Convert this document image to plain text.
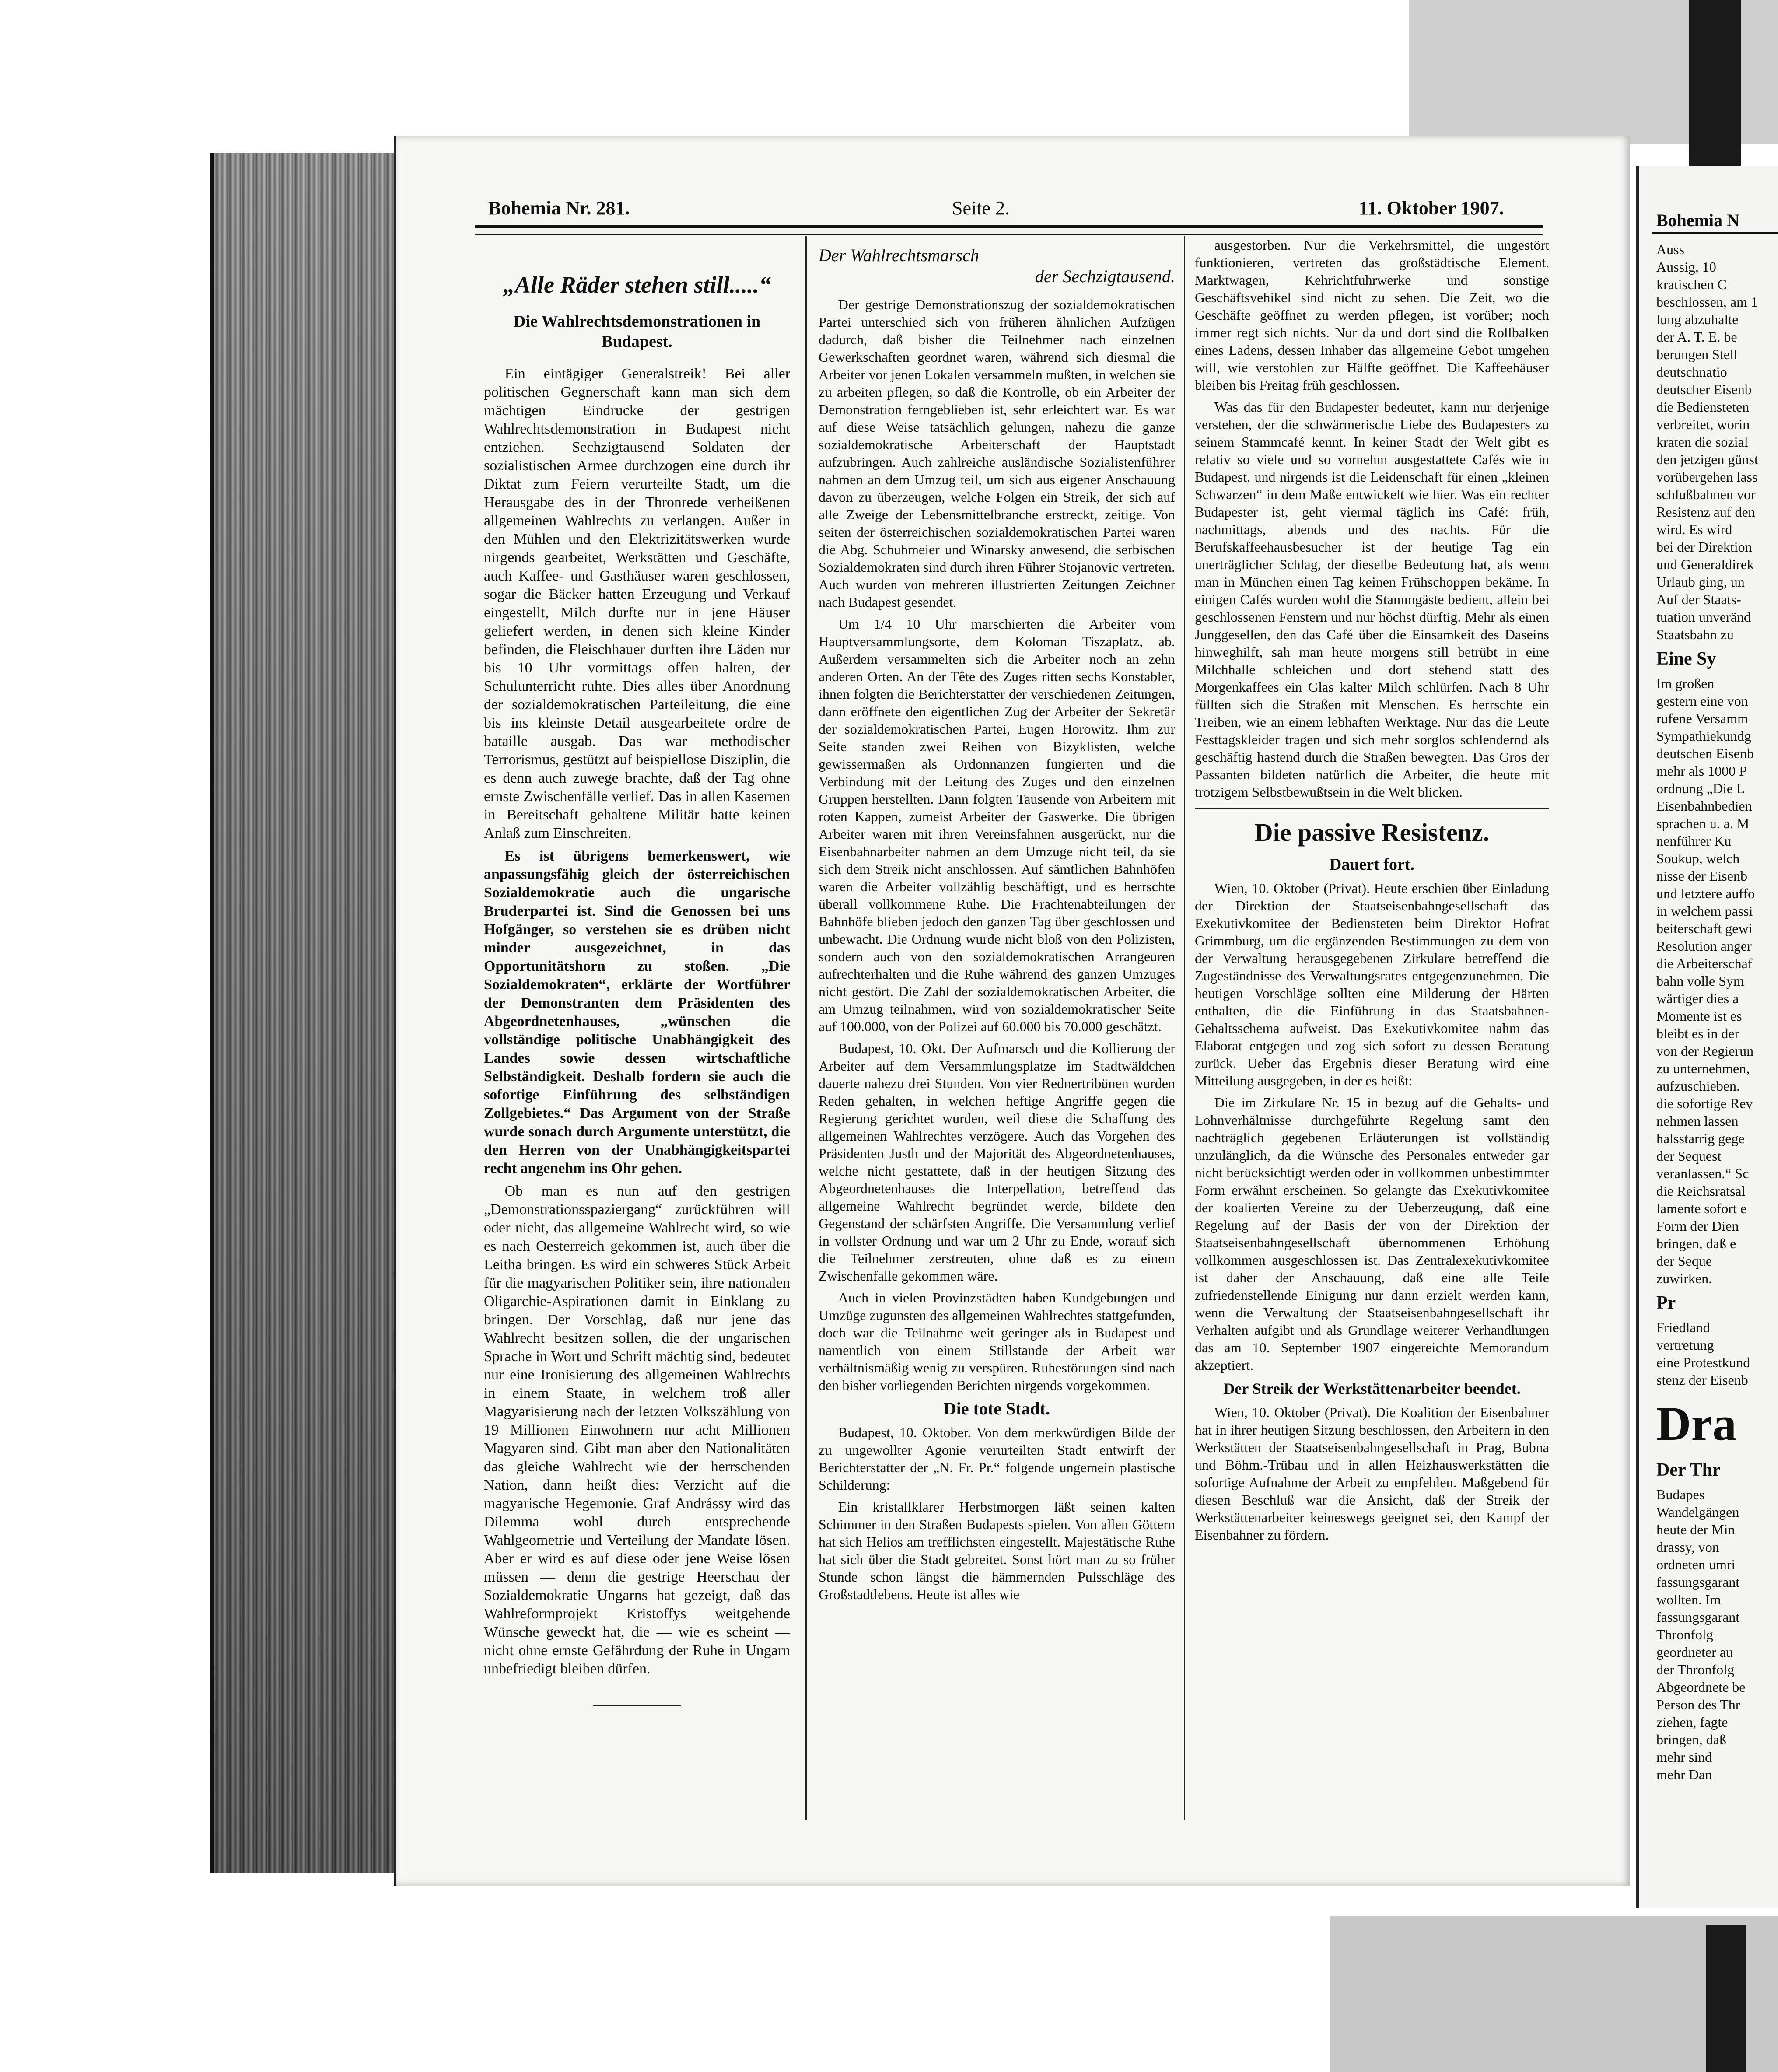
Bohemia Nr. 281.	Seite 2.	11. Oktober 1907.
„Alle Räder stehen still.....“
Die Wahlrechtsdemonstrationen in Budapest.

Ein eintägiger Generalstreik! Bei aller politischen Gegnerschaft kann man sich dem mächtigen Eindrucke der gestrigen Wahlrechtsdemonstration in Budapest nicht entziehen. Sechzigtausend Soldaten der sozialistischen Armee durchzogen eine durch ihr Diktat zum Feiern verurteilte Stadt, um die Herausgabe des in der Thronrede verheißenen allgemeinen Wahlrechts zu verlangen. Außer in den Mühlen und den Elektrizitätswerken wurde nirgends gearbeitet, Werkstätten und Geschäfte, auch Kaffee- und Gasthäuser waren geschlossen, sogar die Bäcker hatten Erzeugung und Verkauf eingestellt, Milch durfte nur in jene Häuser geliefert werden, in denen sich kleine Kinder befinden, die Fleischhauer durften ihre Läden nur bis 10 Uhr vormittags offen halten, der Schulunterricht ruhte. Dies alles über Anordnung der sozialdemokratischen Parteileitung, die eine bis ins kleinste Detail ausgearbeitete ordre de bataille ausgab. Das war methodischer Terrorismus, gestützt auf beispiellose Disziplin, die es denn auch zuwege brachte, daß der Tag ohne ernste Zwischenfälle verlief. Das in allen Kasernen in Bereitschaft gehaltene Militär hatte keinen Anlaß zum Einschreiten.

Es ist übrigens bemerkenswert, wie anpassungsfähig gleich der österreichischen Sozialdemokratie auch die ungarische Bruderpartei ist. Sind die Genossen bei uns Hofgänger, so verstehen sie es drüben nicht minder ausgezeichnet, in das Opportunitätshorn zu stoßen. „Die Sozialdemokraten“, erklärte der Wortführer der Demonstranten dem Präsidenten des Abgeordnetenhauses, „wünschen die vollständige politische Unabhängigkeit des Landes sowie dessen wirtschaftliche Selbständigkeit. Deshalb fordern sie auch die sofortige Einführung des selbständigen Zollgebietes.“ Das Argument von der Straße wurde sonach durch Argumente unterstützt, die den Herren von der Unabhängigkeitspartei recht angenehm ins Ohr gehen.

Ob man es nun auf den gestrigen „Demonstrationsspaziergang“ zurückführen will oder nicht, das allgemeine Wahlrecht wird, so wie es nach Oesterreich gekommen ist, auch über die Leitha bringen. Es wird ein schweres Stück Arbeit für die magyarischen Politiker sein, ihre nationalen Oligarchie-Aspirationen damit in Einklang zu bringen. Der Vorschlag, daß nur jene das Wahlrecht besitzen sollen, die der ungarischen Sprache in Wort und Schrift mächtig sind, bedeutet nur eine Ironisierung des allgemeinen Wahlrechts in einem Staate, in welchem troß aller Magyarisierung nach der letzten Volkszählung von 19 Millionen Einwohnern nur acht Millionen Magyaren sind. Gibt man aber den Nationalitäten das gleiche Wahlrecht wie der herrschenden Nation, dann heißt dies: Verzicht auf die magyarische Hegemonie. Graf Andrássy wird das Dilemma wohl durch entsprechende Wahlgeometrie und Verteilung der Mandate lösen. Aber er wird es auf diese oder jene Weise lösen müssen — denn die gestrige Heerschau der Sozialdemokratie Ungarns hat gezeigt, daß das Wahlreformprojekt Kristoffys weitgehende Wünsche geweckt hat, die — wie es scheint — nicht ohne ernste Gefährdung der Ruhe in Ungarn unbefriedigt bleiben dürfen.

Der Wahlrechtsmarsch
der Sechzigtausend.

Der gestrige Demonstrationszug der sozialdemokratischen Partei unterschied sich von früheren ähnlichen Aufzügen dadurch, daß bisher die Teilnehmer nach einzelnen Gewerkschaften geordnet waren, während sich diesmal die Arbeiter vor jenen Lokalen versammeln mußten, in welchen sie zu arbeiten pflegen, so daß die Kontrolle, ob ein Arbeiter der Demonstration ferngeblieben ist, sehr erleichtert war. Es war auf diese Weise tatsächlich gelungen, nahezu die ganze sozialdemokratische Arbeiterschaft der Hauptstadt aufzubringen. Auch zahlreiche ausländische Sozialistenführer nahmen an dem Umzug teil, um sich aus eigener Anschauung davon zu überzeugen, welche Folgen ein Streik, der sich auf alle Zweige der Lebensmittelbranche erstreckt, zeitige. Von seiten der österreichischen sozialdemokratischen Partei waren die Abg. Schuhmeier und Winarsky anwesend, die serbischen Sozialdemokraten sind durch ihren Führer Stojanovic vertreten. Auch wurden von mehreren illustrierten Zeitungen Zeichner nach Budapest gesendet.

Um 1/4 10 Uhr marschierten die Arbeiter vom Hauptversammlungsorte, dem Koloman Tiszaplatz, ab. Außerdem versammelten sich die Arbeiter noch an zehn anderen Orten. An der Tête des Zuges ritten sechs Konstabler, ihnen folgten die Berichterstatter der verschiedenen Zeitungen, dann eröffnete den eigentlichen Zug der Arbeiter der Sekretär der sozialdemokratischen Partei, Eugen Horowitz. Ihm zur Seite standen zwei Reihen von Bizyklisten, welche gewissermaßen als Ordonnanzen fungierten und die Verbindung mit der Leitung des Zuges und den einzelnen Gruppen herstellten. Dann folgten Tausende von Arbeitern mit roten Kappen, zumeist Arbeiter der Gaswerke. Die übrigen Arbeiter waren mit ihren Vereinsfahnen ausgerückt, nur die Eisenbahnarbeiter nahmen an dem Umzuge nicht teil, da sie sich dem Streik nicht anschlossen. Auf sämtlichen Bahnhöfen waren die Arbeiter vollzählig beschäftigt, und es herrschte überall vollkommene Ruhe. Die Frachtenabteilungen der Bahnhöfe blieben jedoch den ganzen Tag über geschlossen und unbewacht. Die Ordnung wurde nicht bloß von den Polizisten, sondern auch von den sozialdemokratischen Arrangeuren aufrechterhalten und die Ruhe während des ganzen Umzuges nicht gestört. Die Zahl der sozialdemokratischen Arbeiter, die am Umzug teilnahmen, wird von sozialdemokratischer Seite auf 100.000, von der Polizei auf 60.000 bis 70.000 geschätzt.

Budapest, 10. Okt. Der Aufmarsch und die Kollierung der Arbeiter auf dem Versammlungsplatze im Stadtwäldchen dauerte nahezu drei Stunden. Von vier Rednertribünen wurden Reden gehalten, in welchen heftige Angriffe gegen die Regierung gerichtet wurden, weil diese die Schaffung des allgemeinen Wahlrechtes verzögere. Auch das Vorgehen des Präsidenten Justh und der Majorität des Abgeordnetenhauses, welche nicht gestattete, daß in der heutigen Sitzung des Abgeordnetenhauses die Interpellation, betreffend das allgemeine Wahlrecht begründet werde, bildete den Gegenstand der schärfsten Angriffe. Die Versammlung verlief in vollster Ordnung und war um 2 Uhr zu Ende, worauf sich die Teilnehmer zerstreuten, ohne daß es zu einem Zwischenfalle gekommen wäre.

Auch in vielen Provinzstädten haben Kundgebungen und Umzüge zugunsten des allgemeinen Wahlrechtes stattgefunden, doch war die Teilnahme weit geringer als in Budapest und namentlich von einem Stillstande der Arbeit war verhältnismäßig wenig zu verspüren. Ruhestörungen sind nach den bisher vorliegenden Berichten nirgends vorgekommen.

Die tote Stadt.

Budapest, 10. Oktober. Von dem merkwürdigen Bilde der zu ungewollter Agonie verurteilten Stadt entwirft der Berichterstatter der „N. Fr. Pr.“ folgende ungemein plastische Schilderung:

Ein kristallklarer Herbstmorgen läßt seinen kalten Schimmer in den Straßen Budapests spielen. Von allen Göttern hat sich Helios am trefflichsten eingestellt. Majestätische Ruhe hat sich über die Stadt gebreitet. Sonst hört man zu so früher Stunde schon längst die hämmernden Pulsschläge des Großstadtlebens. Heute ist alles wie

ausgestorben. Nur die Verkehrsmittel, die ungestört funktionieren, vertreten das großstädtische Element. Marktwagen, Kehrichtfuhrwerke und sonstige Geschäftsvehikel sind nicht zu sehen. Die Zeit, wo die Geschäfte geöffnet zu werden pflegen, ist vorüber; noch immer regt sich nichts. Nur da und dort sind die Rollbalken eines Ladens, dessen Inhaber das allgemeine Gebot umgehen will, wie verstohlen zur Hälfte geöffnet. Die Kaffeehäuser bleiben bis Freitag früh geschlossen.

Was das für den Budapester bedeutet, kann nur derjenige verstehen, der die schwärmerische Liebe des Budapesters zu seinem Stammcafé kennt. In keiner Stadt der Welt gibt es relativ so viele und so vornehm ausgestattete Cafés wie in Budapest, und nirgends ist die Leidenschaft für einen „kleinen Schwarzen“ in dem Maße entwickelt wie hier. Was ein rechter Budapester ist, geht viermal täglich ins Café: früh, nachmittags, abends und des nachts. Für die Berufskaffeehausbesucher ist der heutige Tag ein unerträglicher Schlag, der dieselbe Bedeutung hat, als wenn man in München einen Tag keinen Frühschoppen bekäme. In einigen Cafés wurden wohl die Stammgäste bedient, allein bei geschlossenen Fenstern und nur höchst dürftig. Mehr als einen Junggesellen, den das Café über die Einsamkeit des Daseins hinweghilft, sah man heute morgens still betrübt in eine Milchhalle schleichen und dort stehend statt des Morgenkaffees ein Glas kalter Milch schlürfen. Nach 8 Uhr füllten sich die Straßen mit Menschen. Es herrschte ein Treiben, wie an einem lebhaften Werktage. Nur das die Leute Festtagskleider tragen und sich mehr sorglos schlendernd als geschäftig hastend durch die Straßen bewegten. Das Gros der Passanten bildeten natürlich die Arbeiter, die heute mit trotzigem Selbstbewußtsein in die Welt blicken.

Die passive Resistenz.
Dauert fort.

Wien, 10. Oktober (Privat). Heute erschien über Einladung der Direktion der Staatseisenbahngesellschaft das Exekutivkomitee der Bediensteten beim Direktor Hofrat Grimmburg, um die ergänzenden Bestimmungen zu dem von der Verwaltung herausgegebenen Zirkulare betreffend die Zugeständnisse des Verwaltungsrates entgegenzunehmen. Die heutigen Vorschläge sollten eine Milderung der Härten enthalten, die die Einführung in das Staatsbahnen-Gehaltsschema aufweist. Das Exekutivkomitee nahm das Elaborat entgegen und zog sich sofort zu dessen Beratung zurück. Ueber das Ergebnis dieser Beratung wird eine Mitteilung ausgegeben, in der es heißt:

Die im Zirkulare Nr. 15 in bezug auf die Gehalts- und Lohnverhältnisse durchgeführte Regelung samt den nachträglich gegebenen Erläuterungen ist vollständig unzulänglich, da die Wünsche des Personales entweder gar nicht berücksichtigt werden oder in vollkommen unbestimmter Form erwähnt erscheinen. So gelangte das Exekutivkomitee der koalierten Vereine zu der Ueberzeugung, daß eine Regelung auf der Basis der von der Direktion der Staatseisenbahngesellschaft übernommenen Erhöhung vollkommen ausgeschlossen ist. Das Zentralexekutivkomitee ist daher der Anschauung, daß eine alle Teile zufriedenstellende Einigung nur dann erzielt werden kann, wenn die Verwaltung der Staatseisenbahngesellschaft ihr Verhalten aufgibt und als Grundlage weiterer Verhandlungen das am 10. September 1907 eingereichte Memorandum akzeptiert.

Der Streik der Werkstättenarbeiter beendet.

Wien, 10. Oktober (Privat). Die Koalition der Eisenbahner hat in ihrer heutigen Sitzung beschlossen, den Arbeitern in den Werkstätten der Staatseisenbahngesellschaft in Prag, Bubna und Böhm.-Trübau und in allen Heizhauswerkstätten die sofortige Aufnahme der Arbeit zu empfehlen. Maßgebend für diesen Beschluß war die Ansicht, daß der Streik der Werkstättenarbeiter keineswegs geeignet sei, den Kampf der Eisenbahner zu fördern.

Bohemia N
Auss
Aussig, 10
kratischen C
beschlossen, am 1
lung abzuhalte
der A. T. E. be
berungen Stell
deutschnatio
deutscher Eisenb
die Bediensteten
verbreitet, worin
kraten die sozial
den jetzigen günst
vorübergehen lass
schlußbahnen vor
Resistenz auf den
wird. Es wird
bei der Direktion
und Generaldirek
Urlaub ging, un
Auf der Staats-
tuation unveränd
Staatsbahn zu
Eine Sy
Im großen
gestern eine von
rufene Versamm
Sympathiekundg
deutschen Eisenb
mehr als 1000 P
ordnung „Die L
Eisenbahnbedien
sprachen u. a. M
nenführer Ku
Soukup, welch
nisse der Eisenb
und letztere auffo
in welchem passi
beiterschaft gewi
Resolution anger
die Arbeiterschaf
bahn volle Sym
wärtiger dies a
Momente ist es
bleibt es in der
von der Regierun
zu unternehmen,
aufzuschieben.
die sofortige Rev
nehmen lassen
halsstarrig gege
der Sequest
veranlassen.“ Sc
die Reichsratsal
lamente sofort e
Form der Dien
bringen, daß e
der Seque
zuwirken.
Pr
Friedland
vertretung
eine Protestkund
stenz der Eisenb
Dra
Der Thr
Budapes
Wandelgängen
heute der Min
drassy, von
ordneten umri
fassungsgarant
wollten. Im
fassungsgarant
Thronfolg
geordneter au
der Thronfolg
Abgeordnete be
Person des Thr
ziehen, fagte
bringen, daß
mehr sind
mehr Dan
